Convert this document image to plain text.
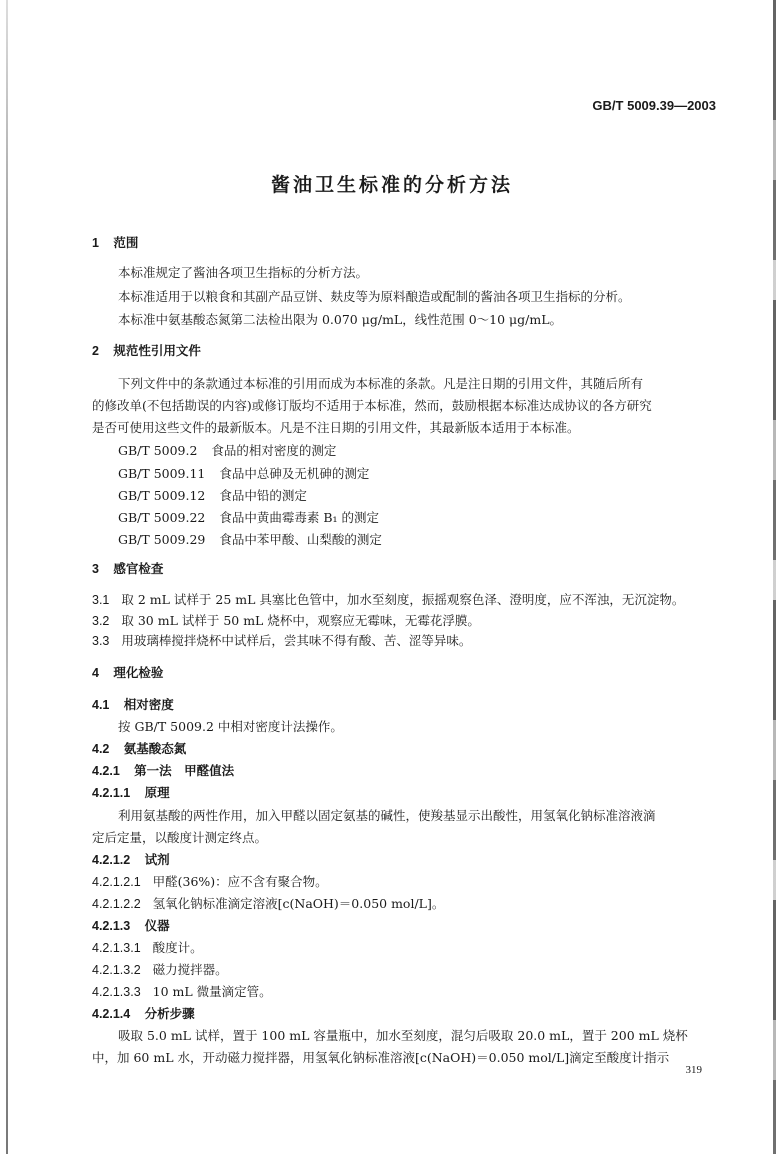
GB/T 5009.39—2003
酱油卫生标准的分析方法
1 范围
本标准规定了酱油各项卫生指标的分析方法。
本标准适用于以粮食和其副产品豆饼、麸皮等为原料酿造或配制的酱油各项卫生指标的分析。
本标准中氨基酸态氮第二法检出限为 0.070 μg/mL，线性范围 0～10 μg/mL。
2 规范性引用文件
下列文件中的条款通过本标准的引用而成为本标准的条款。凡是注日期的引用文件，其随后所有
的修改单(不包括勘误的内容)或修订版均不适用于本标准，然而，鼓励根据本标准达成协议的各方研究
是否可使用这些文件的最新版本。凡是不注日期的引用文件，其最新版本适用于本标准。
GB/T 5009.2 食品的相对密度的测定
GB/T 5009.11 食品中总砷及无机砷的测定
GB/T 5009.12 食品中铅的测定
GB/T 5009.22 食品中黄曲霉毒素 B₁ 的测定
GB/T 5009.29 食品中苯甲酸、山梨酸的测定
3 感官检查
3.1 取 2 mL 试样于 25 mL 具塞比色管中，加水至刻度，振摇观察色泽、澄明度，应不浑浊，无沉淀物。
3.2 取 30 mL 试样于 50 mL 烧杯中，观察应无霉味，无霉花浮膜。
3.3 用玻璃棒搅拌烧杯中试样后，尝其味不得有酸、苦、涩等异味。
4 理化检验
4.1 相对密度
按 GB/T 5009.2 中相对密度计法操作。
4.2 氨基酸态氮
4.2.1 第一法　甲醛值法
4.2.1.1 原理
利用氨基酸的两性作用，加入甲醛以固定氨基的碱性，使羧基显示出酸性，用氢氧化钠标准溶液滴
定后定量，以酸度计测定终点。
4.2.1.2 试剂
4.2.1.2.1 甲醛(36%)：应不含有聚合物。
4.2.1.2.2 氢氧化钠标准滴定溶液[c(NaOH)＝0.050 mol/L]。
4.2.1.3 仪器
4.2.1.3.1 酸度计。
4.2.1.3.2 磁力搅拌器。
4.2.1.3.3 10 mL 微量滴定管。
4.2.1.4 分析步骤
吸取 5.0 mL 试样，置于 100 mL 容量瓶中，加水至刻度，混匀后吸取 20.0 mL，置于 200 mL 烧杯
中，加 60 mL 水，开动磁力搅拌器，用氢氧化钠标准溶液[c(NaOH)＝0.050 mol/L]滴定至酸度计指示
319
